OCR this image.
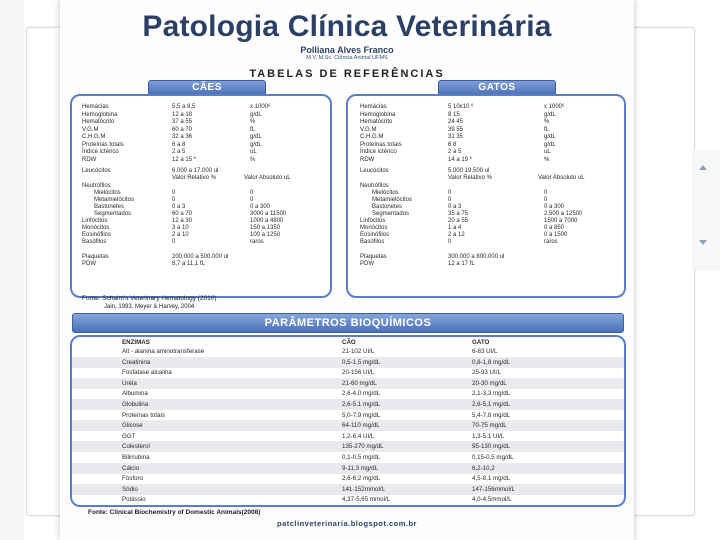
Patologia Clínica Veterinária
Polliana Alves Franco
M.V. M.Sc. Ciência Animal UFMS
TABELAS DE REFERÊNCIAS
CÃES
Hemácias	5,5 a 8,5	x 1000⁶
Hemoglobina	12 a 18	g/dL
Hematócrito	37 a 55	%
V.G.M	60 a 70	fL
C.H.G.M	32 a 36	g/dL
Proteínas totais	6 a 8	g/dL
Índice ictérico	2 a 5	uL
RDW	12 a 15 *	%
Leucócitos	6.000 a 17.000 ul
Valor Relativo %	Valor Absoluto uL
Neutrófilos
Mielócitos	0	0
Metamielócitos	0	0
Bastonetes	0 a 3	0 a 300
Segmentados	60 a 70	3000 a 11500
Linfócitos	12 a 30	1000 a 4800
Monócitos	3 a 10	150 a 1350
Eosinófilos	2 a 10	100 a 1250
Basófilos	0	raros
Plaquetas	200.000 a 500.000 ul
PDW	8,7 a 11,1 fL
GATOS
Hemácias	5 10x10 ⁶	x 1000⁶
Hemoglobina	8 15	g/dL
Hematócrito	24 45	%
V.G.M	39 55	fL
C.H.G.M	31 35	g/dL
Proteínas totais	6 8	g/dL
Índice ictérico	2 a 5	uL
RDW	14 a 19 *	%
Leucócitos	5.000 19.500 ul
Valor Relativo %	Valor Absoluto uL
Neutrófilos
Mielócitos	0	0
Metamielócitos	0	0
Bastonetes	0 a 3	0 a 300
Segmentados	35 a 75	2.500 a 12500
Linfócitos	20 a 55	1500 a 7000
Monócitos	1 a 4	0 a 850
Eosinófilos	2 a 12	0 a 1500
Basófilos	0	raros
Plaquetas	300.000 a 800.000 ul
PDW	12 a 17 fL
Fonte: Schalm's Veterinary Hematology (2010)
Jain, 1993, Meyer & Harvey, 2004
PARÂMETROS BIOQUÍMICOS
ENZIMAS	CÃO	GATO
Alt - alanina aminotransferase	21-102 UI/L	6-83 UI/L
Creatinina	0,5-1,5 mg/dL	0,8-1,8 mg/dL
Fosfatase alcalina	20-156 UI/L	25-93 UI/L
Uréia	21-60 mg/dL	20-30 mg/dL
Albumina	2,6-4,0 mg/dL	2,1-3,3 mg/dL
Globulina	2,6-5,1 mg/dL	2,6-5,1 mg/dL
Proteínas totais	5,0-7,9 mg/dL	5,4-7,8 mg/dL
Glicose	64-110 mg/dL	70-75 mg/dL
GGT	1,2-6,4 UI/L	1,3-5,1 UI/L
Colesterol	135-270 mg/dL	95-130 mg/dL
Bilirrubina	0,1-0,5 mg/dL	0,15-0,5 mg/dL
Cálcio	9-11,3 mg/dL	6,2-10,2
Fósforo	2,6-6,2 mg/dL	4,5-8,1 mg/dL
Sódio	141-152mmol/L	147-156mmol/L
Potássio	4,37-5,65 mmol/L	4,0-4,5mmol/L
Fonte: Clinical Biochemistry of Domestic Animals(2008)
patclinveterinaria.blogspot.com.br
